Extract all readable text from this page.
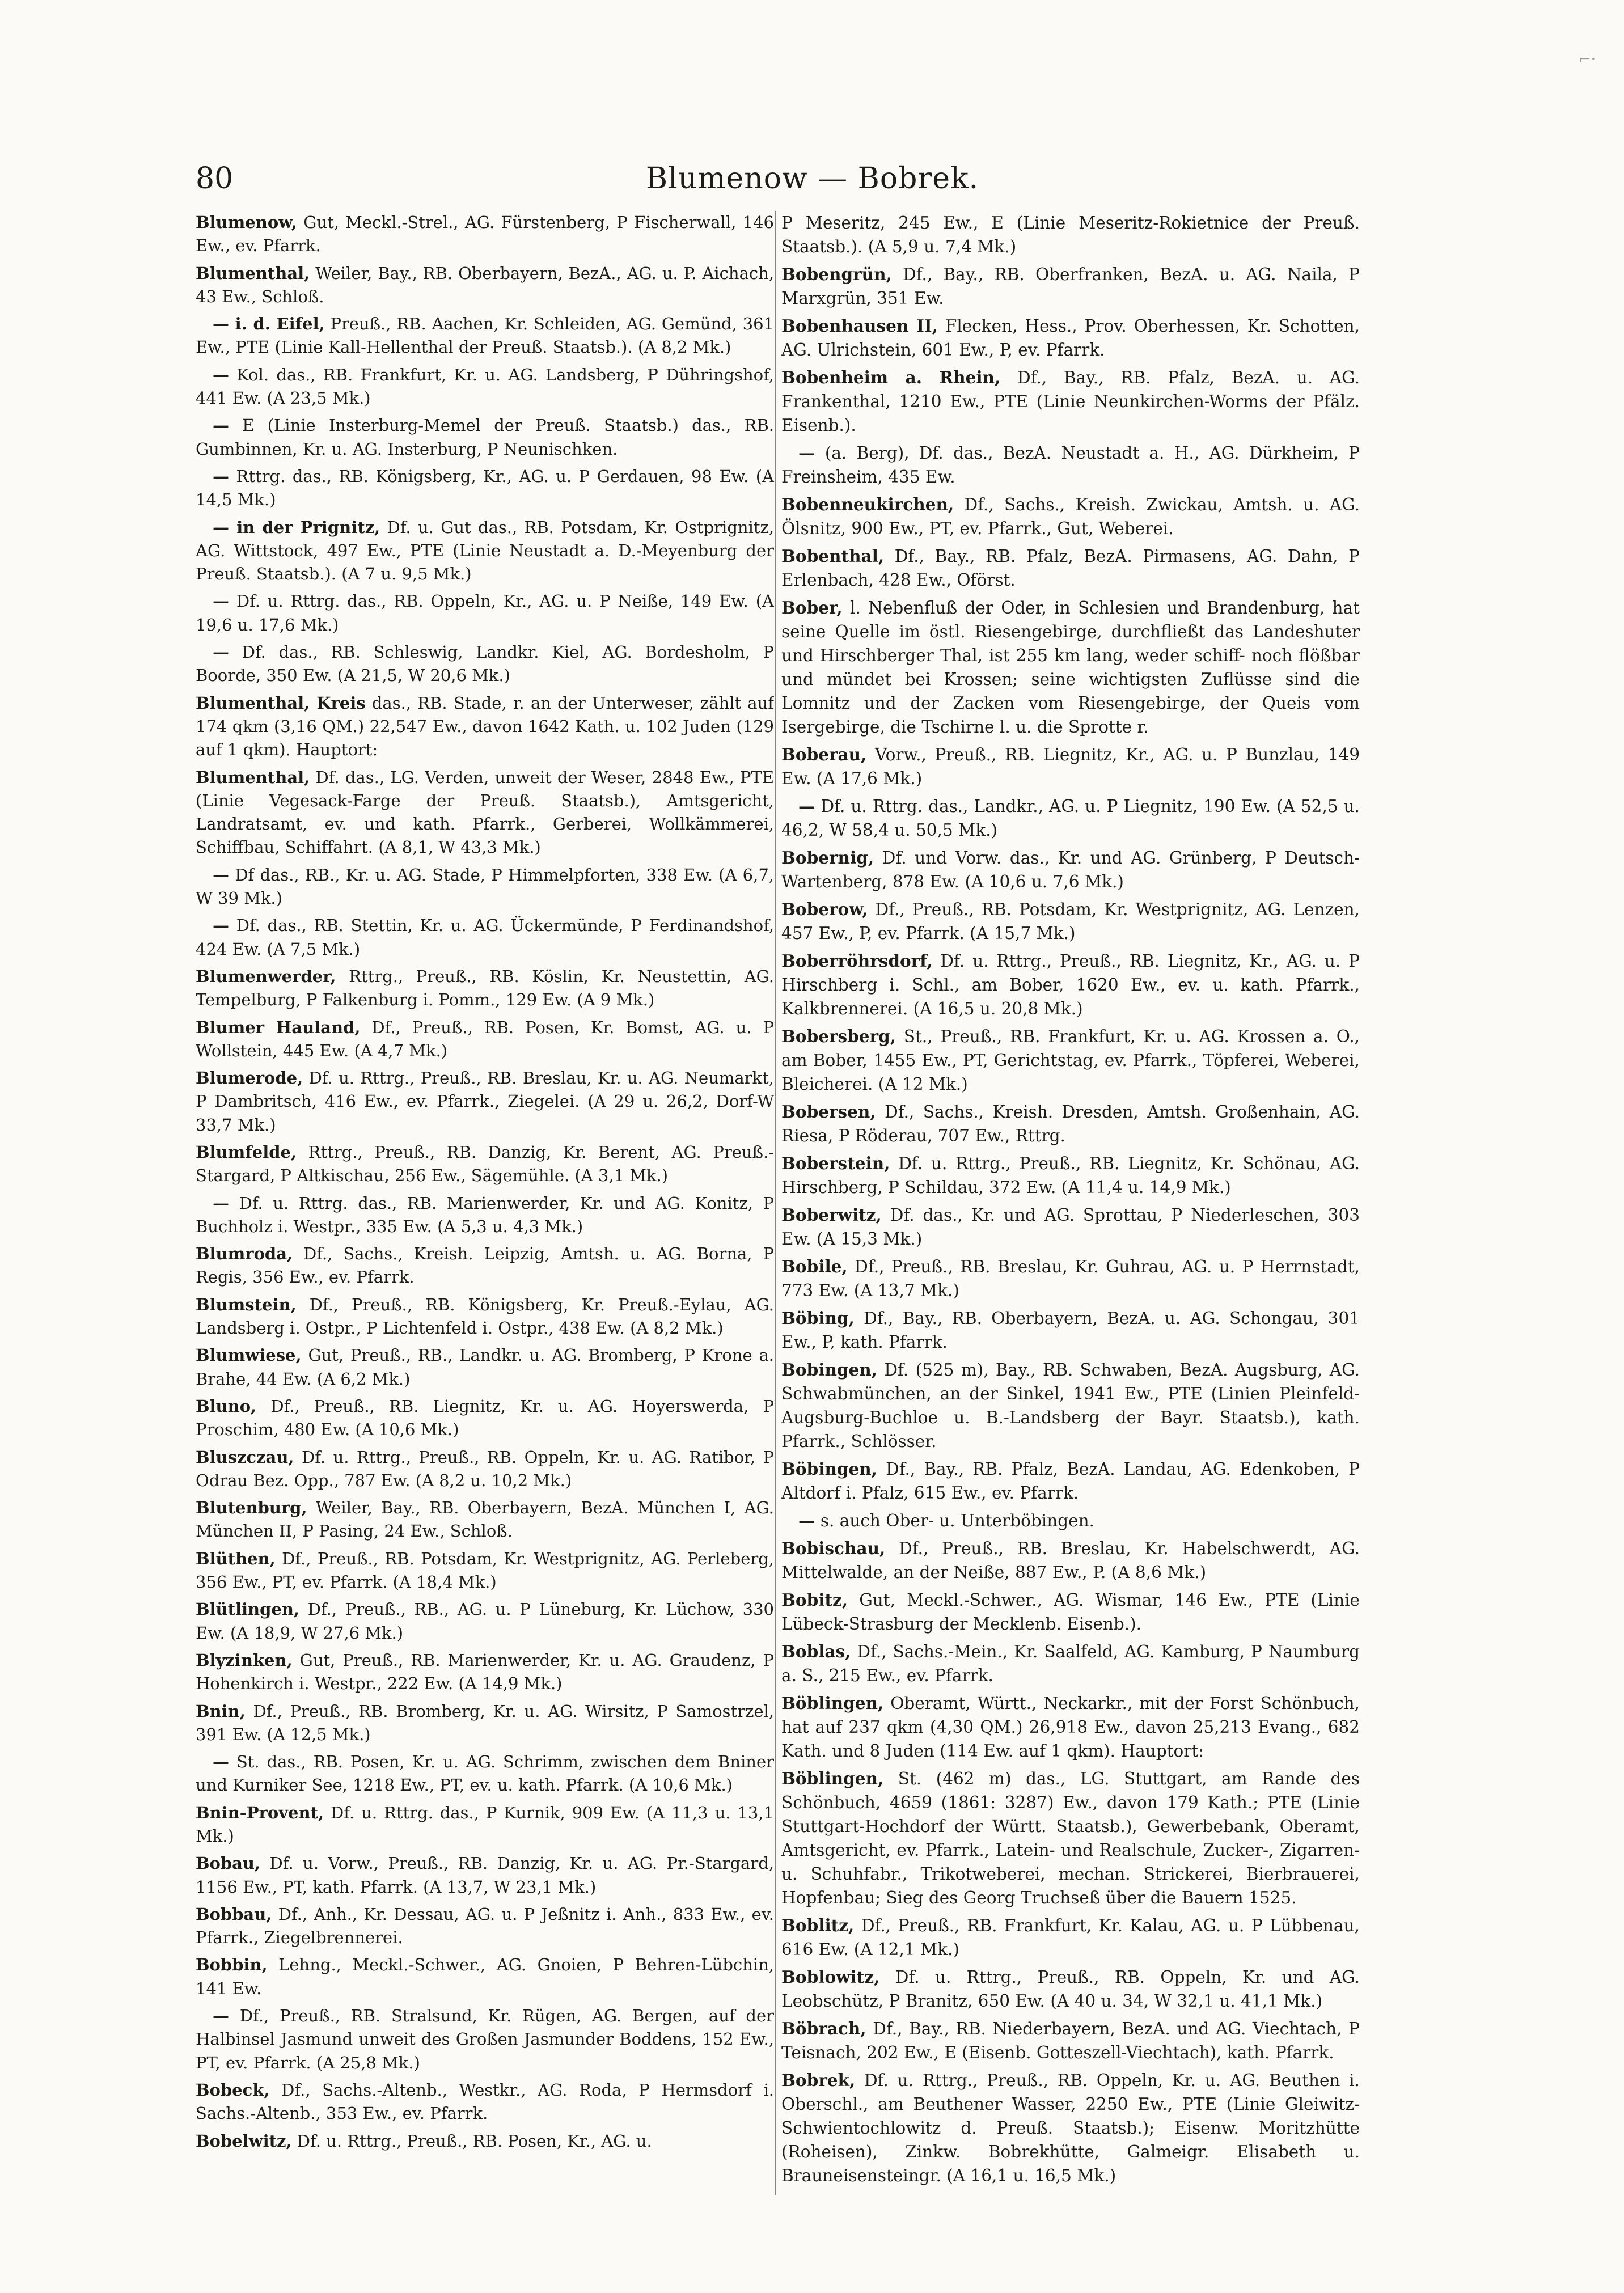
⌐·
80	Blumenow — Bobrek.

Blumenow, Gut, Meckl.-Strel., AG. Fürstenberg, P Fischerwall, 146 Ew., ev. Pfarrk.

Blumenthal, Weiler, Bay., RB. Oberbayern, BezA., AG. u. P. Aichach, 43 Ew., Schloß.

— i. d. Eifel, Preuß., RB. Aachen, Kr. Schleiden, AG. Gemünd, 361 Ew., PTE (Linie Kall-Hellenthal der Preuß. Staatsb.). (A 8,2 Mk.)

— Kol. das., RB. Frankfurt, Kr. u. AG. Landsberg, P Dühringshof, 441 Ew. (A 23,5 Mk.)

— E (Linie Insterburg-Memel der Preuß. Staatsb.) das., RB. Gumbinnen, Kr. u. AG. Insterburg, P Neunischken.

— Rttrg. das., RB. Königsberg, Kr., AG. u. P Gerdauen, 98 Ew. (A 14,5 Mk.)

— in der Prignitz, Df. u. Gut das., RB. Potsdam, Kr. Ostprignitz, AG. Wittstock, 497 Ew., PTE (Linie Neustadt a. D.-Meyenburg der Preuß. Staatsb.). (A 7 u. 9,5 Mk.)

— Df. u. Rttrg. das., RB. Oppeln, Kr., AG. u. P Neiße, 149 Ew. (A 19,6 u. 17,6 Mk.)

— Df. das., RB. Schleswig, Landkr. Kiel, AG. Bordesholm, P Boorde, 350 Ew. (A 21,5, W 20,6 Mk.)

Blumenthal, Kreis das., RB. Stade, r. an der Unterweser, zählt auf 174 qkm (3,16 QM.) 22,547 Ew., davon 1642 Kath. u. 102 Juden (129 auf 1 qkm). Hauptort:

Blumenthal, Df. das., LG. Verden, unweit der Weser, 2848 Ew., PTE (Linie Vegesack-Farge der Preuß. Staatsb.), Amtsgericht, Landratsamt, ev. und kath. Pfarrk., Gerberei, Wollkämmerei, Schiffbau, Schiffahrt. (A 8,1, W 43,3 Mk.)

— Df das., RB., Kr. u. AG. Stade, P Himmelpforten, 338 Ew. (A 6,7, W 39 Mk.)

— Df. das., RB. Stettin, Kr. u. AG. Ückermünde, P Ferdinandshof, 424 Ew. (A 7,5 Mk.)

Blumenwerder, Rttrg., Preuß., RB. Köslin, Kr. Neustettin, AG. Tempelburg, P Falkenburg i. Pomm., 129 Ew. (A 9 Mk.)

Blumer Hauland, Df., Preuß., RB. Posen, Kr. Bomst, AG. u. P Wollstein, 445 Ew. (A 4,7 Mk.)

Blumerode, Df. u. Rttrg., Preuß., RB. Breslau, Kr. u. AG. Neumarkt, P Dambritsch, 416 Ew., ev. Pfarrk., Ziegelei. (A 29 u. 26,2, Dorf-W 33,7 Mk.)

Blumfelde, Rttrg., Preuß., RB. Danzig, Kr. Berent, AG. Preuß.-Stargard, P Altkischau, 256 Ew., Sägemühle. (A 3,1 Mk.)

— Df. u. Rttrg. das., RB. Marienwerder, Kr. und AG. Konitz, P Buchholz i. Westpr., 335 Ew. (A 5,3 u. 4,3 Mk.)

Blumroda, Df., Sachs., Kreish. Leipzig, Amtsh. u. AG. Borna, P Regis, 356 Ew., ev. Pfarrk.

Blumstein, Df., Preuß., RB. Königsberg, Kr. Preuß.-Eylau, AG. Landsberg i. Ostpr., P Lichtenfeld i. Ostpr., 438 Ew. (A 8,2 Mk.)

Blumwiese, Gut, Preuß., RB., Landkr. u. AG. Bromberg, P Krone a. Brahe, 44 Ew. (A 6,2 Mk.)

Bluno, Df., Preuß., RB. Liegnitz, Kr. u. AG. Hoyerswerda, P Proschim, 480 Ew. (A 10,6 Mk.)

Bluszczau, Df. u. Rttrg., Preuß., RB. Oppeln, Kr. u. AG. Ratibor, P Odrau Bez. Opp., 787 Ew. (A 8,2 u. 10,2 Mk.)

Blutenburg, Weiler, Bay., RB. Oberbayern, BezA. München I, AG. München II, P Pasing, 24 Ew., Schloß.

Blüthen, Df., Preuß., RB. Potsdam, Kr. Westprignitz, AG. Perleberg, 356 Ew., PT, ev. Pfarrk. (A 18,4 Mk.)

Blütlingen, Df., Preuß., RB., AG. u. P Lüneburg, Kr. Lüchow, 330 Ew. (A 18,9, W 27,6 Mk.)

Blyzinken, Gut, Preuß., RB. Marienwerder, Kr. u. AG. Graudenz, P Hohenkirch i. Westpr., 222 Ew. (A 14,9 Mk.)

Bnin, Df., Preuß., RB. Bromberg, Kr. u. AG. Wirsitz, P Samostrzel, 391 Ew. (A 12,5 Mk.)

— St. das., RB. Posen, Kr. u. AG. Schrimm, zwischen dem Bniner und Kurniker See, 1218 Ew., PT, ev. u. kath. Pfarrk. (A 10,6 Mk.)

Bnin-Provent, Df. u. Rttrg. das., P Kurnik, 909 Ew. (A 11,3 u. 13,1 Mk.)

Bobau, Df. u. Vorw., Preuß., RB. Danzig, Kr. u. AG. Pr.-Stargard, 1156 Ew., PT, kath. Pfarrk. (A 13,7, W 23,1 Mk.)

Bobbau, Df., Anh., Kr. Dessau, AG. u. P Jeßnitz i. Anh., 833 Ew., ev. Pfarrk., Ziegelbrennerei.

Bobbin, Lehng., Meckl.-Schwer., AG. Gnoien, P Behren-Lübchin, 141 Ew.

— Df., Preuß., RB. Stralsund, Kr. Rügen, AG. Bergen, auf der Halbinsel Jasmund unweit des Großen Jasmunder Boddens, 152 Ew., PT, ev. Pfarrk. (A 25,8 Mk.)

Bobeck, Df., Sachs.-Altenb., Westkr., AG. Roda, P Hermsdorf i. Sachs.-Altenb., 353 Ew., ev. Pfarrk.

Bobelwitz, Df. u. Rttrg., Preuß., RB. Posen, Kr., AG. u.

P Meseritz, 245 Ew., E (Linie Meseritz-Rokietnice der Preuß. Staatsb.). (A 5,9 u. 7,4 Mk.)

Bobengrün, Df., Bay., RB. Oberfranken, BezA. u. AG. Naila, P Marxgrün, 351 Ew.

Bobenhausen II, Flecken, Hess., Prov. Oberhessen, Kr. Schotten, AG. Ulrichstein, 601 Ew., P, ev. Pfarrk.

Bobenheim a. Rhein, Df., Bay., RB. Pfalz, BezA. u. AG. Frankenthal, 1210 Ew., PTE (Linie Neunkirchen-Worms der Pfälz. Eisenb.).

— (a. Berg), Df. das., BezA. Neustadt a. H., AG. Dürkheim, P Freinsheim, 435 Ew.

Bobenneukirchen, Df., Sachs., Kreish. Zwickau, Amtsh. u. AG. Ölsnitz, 900 Ew., PT, ev. Pfarrk., Gut, Weberei.

Bobenthal, Df., Bay., RB. Pfalz, BezA. Pirmasens, AG. Dahn, P Erlenbach, 428 Ew., Oförst.

Bober, l. Nebenfluß der Oder, in Schlesien und Brandenburg, hat seine Quelle im östl. Riesengebirge, durchfließt das Landeshuter und Hirschberger Thal, ist 255 km lang, weder schiff- noch flößbar und mündet bei Krossen; seine wichtigsten Zuflüsse sind die Lomnitz und der Zacken vom Riesengebirge, der Queis vom Isergebirge, die Tschirne l. u. die Sprotte r.

Boberau, Vorw., Preuß., RB. Liegnitz, Kr., AG. u. P Bunzlau, 149 Ew. (A 17,6 Mk.)

— Df. u. Rttrg. das., Landkr., AG. u. P Liegnitz, 190 Ew. (A 52,5 u. 46,2, W 58,4 u. 50,5 Mk.)

Bobernig, Df. und Vorw. das., Kr. und AG. Grünberg, P Deutsch-Wartenberg, 878 Ew. (A 10,6 u. 7,6 Mk.)

Boberow, Df., Preuß., RB. Potsdam, Kr. Westprignitz, AG. Lenzen, 457 Ew., P, ev. Pfarrk. (A 15,7 Mk.)

Boberröhrsdorf, Df. u. Rttrg., Preuß., RB. Liegnitz, Kr., AG. u. P Hirschberg i. Schl., am Bober, 1620 Ew., ev. u. kath. Pfarrk., Kalkbrennerei. (A 16,5 u. 20,8 Mk.)

Bobersberg, St., Preuß., RB. Frankfurt, Kr. u. AG. Krossen a. O., am Bober, 1455 Ew., PT, Gerichtstag, ev. Pfarrk., Töpferei, Weberei, Bleicherei. (A 12 Mk.)

Bobersen, Df., Sachs., Kreish. Dresden, Amtsh. Großenhain, AG. Riesa, P Röderau, 707 Ew., Rttrg.

Boberstein, Df. u. Rttrg., Preuß., RB. Liegnitz, Kr. Schönau, AG. Hirschberg, P Schildau, 372 Ew. (A 11,4 u. 14,9 Mk.)

Boberwitz, Df. das., Kr. und AG. Sprottau, P Niederleschen, 303 Ew. (A 15,3 Mk.)

Bobile, Df., Preuß., RB. Breslau, Kr. Guhrau, AG. u. P Herrnstadt, 773 Ew. (A 13,7 Mk.)

Böbing, Df., Bay., RB. Oberbayern, BezA. u. AG. Schongau, 301 Ew., P, kath. Pfarrk.

Bobingen, Df. (525 m), Bay., RB. Schwaben, BezA. Augsburg, AG. Schwabmünchen, an der Sinkel, 1941 Ew., PTE (Linien Pleinfeld-Augsburg-Buchloe u. B.-Landsberg der Bayr. Staatsb.), kath. Pfarrk., Schlösser.

Böbingen, Df., Bay., RB. Pfalz, BezA. Landau, AG. Edenkoben, P Altdorf i. Pfalz, 615 Ew., ev. Pfarrk.

— s. auch Ober- u. Unterböbingen.

Bobischau, Df., Preuß., RB. Breslau, Kr. Habelschwerdt, AG. Mittelwalde, an der Neiße, 887 Ew., P. (A 8,6 Mk.)

Bobitz, Gut, Meckl.-Schwer., AG. Wismar, 146 Ew., PTE (Linie Lübeck-Strasburg der Mecklenb. Eisenb.).

Boblas, Df., Sachs.-Mein., Kr. Saalfeld, AG. Kamburg, P Naumburg a. S., 215 Ew., ev. Pfarrk.

Böblingen, Oberamt, Württ., Neckarkr., mit der Forst Schönbuch, hat auf 237 qkm (4,30 QM.) 26,918 Ew., davon 25,213 Evang., 682 Kath. und 8 Juden (114 Ew. auf 1 qkm). Hauptort:

Böblingen, St. (462 m) das., LG. Stuttgart, am Rande des Schönbuch, 4659 (1861: 3287) Ew., davon 179 Kath.; PTE (Linie Stuttgart-Hochdorf der Württ. Staatsb.), Gewerbebank, Oberamt, Amtsgericht, ev. Pfarrk., Latein- und Realschule, Zucker-, Zigarren- u. Schuhfabr., Trikotweberei, mechan. Strickerei, Bierbrauerei, Hopfenbau; Sieg des Georg Truchseß über die Bauern 1525.

Boblitz, Df., Preuß., RB. Frankfurt, Kr. Kalau, AG. u. P Lübbenau, 616 Ew. (A 12,1 Mk.)

Boblowitz, Df. u. Rttrg., Preuß., RB. Oppeln, Kr. und AG. Leobschütz, P Branitz, 650 Ew. (A 40 u. 34, W 32,1 u. 41,1 Mk.)

Böbrach, Df., Bay., RB. Niederbayern, BezA. und AG. Viechtach, P Teisnach, 202 Ew., E (Eisenb. Gotteszell-Viechtach), kath. Pfarrk.

Bobrek, Df. u. Rttrg., Preuß., RB. Oppeln, Kr. u. AG. Beuthen i. Oberschl., am Beuthener Wasser, 2250 Ew., PTE (Linie Gleiwitz-Schwientochlowitz d. Preuß. Staatsb.); Eisenw. Moritzhütte (Roheisen), Zinkw. Bobrekhütte, Galmeigr. Elisabeth u. Brauneisensteingr. (A 16,1 u. 16,5 Mk.)
